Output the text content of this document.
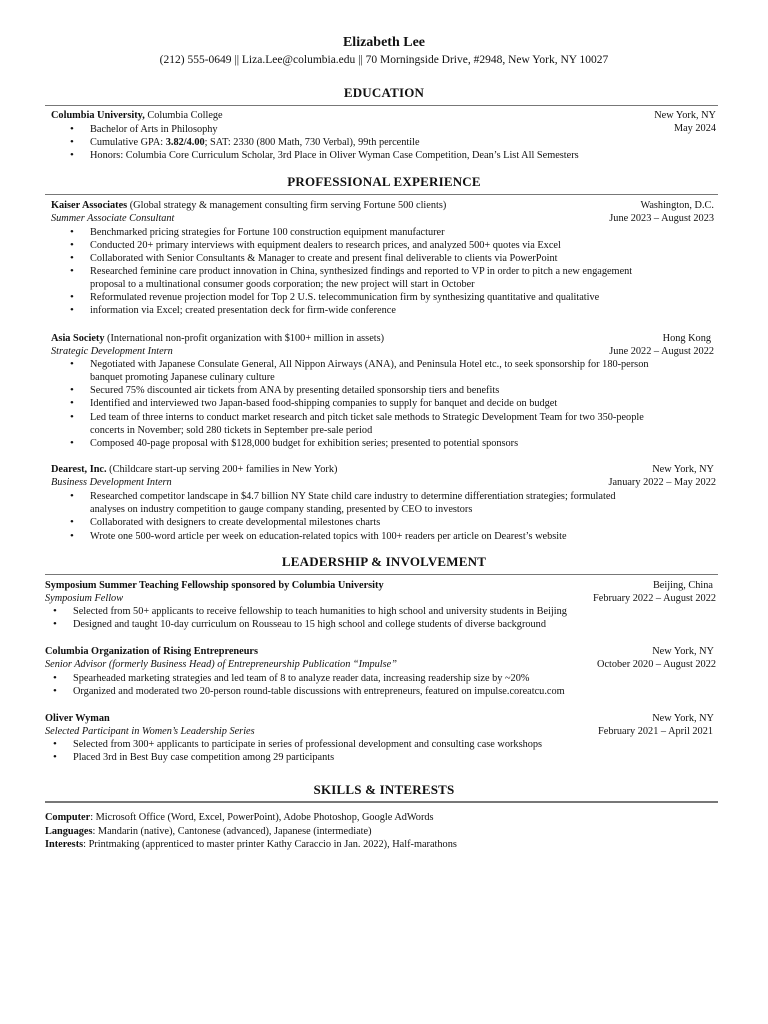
Elizabeth Lee
(212) 555-0649 || Liza.Lee@columbia.edu || 70 Morningside Drive, #2948, New York, NY 10027
EDUCATION
Columbia University, Columbia College	New York, NY
May 2024
• Bachelor of Arts in Philosophy
• Cumulative GPA: 3.82/4.00; SAT: 2330 (800 Math, 730 Verbal), 99th percentile
• Honors: Columbia Core Curriculum Scholar, 3rd Place in Oliver Wyman Case Competition, Dean’s List All Semesters
PROFESSIONAL EXPERIENCE
Kaiser Associates (Global strategy & management consulting firm serving Fortune 500 clients)	Washington, D.C.
Summer Associate Consultant	June 2023 – August 2023
• Benchmarked pricing strategies for Fortune 100 construction equipment manufacturer
• Conducted 20+ primary interviews with equipment dealers to research prices, and analyzed 500+ quotes via Excel
• Collaborated with Senior Consultants & Manager to create and present final deliverable to clients via PowerPoint
• Researched feminine care product innovation in China, synthesized findings and reported to VP in order to pitch a new engagement
proposal to a multinational consumer goods corporation; the new project will start in October
• Reformulated revenue projection model for Top 2 U.S. telecommunication firm by synthesizing quantitative and qualitative
• information via Excel; created presentation deck for firm-wide conference
Asia Society (International non-profit organization with $100+ million in assets)	Hong Kong
Strategic Development Intern	June 2022 – August 2022
• Negotiated with Japanese Consulate General, All Nippon Airways (ANA), and Peninsula Hotel etc., to seek sponsorship for 180-person
banquet promoting Japanese culinary culture
• Secured 75% discounted air tickets from ANA by presenting detailed sponsorship tiers and benefits
• Identified and interviewed two Japan-based food-shipping companies to supply for banquet and decide on budget
• Led team of three interns to conduct market research and pitch ticket sale methods to Strategic Development Team for two 350-people
concerts in November; sold 280 tickets in September pre-sale period
• Composed 40-page proposal with $128,000 budget for exhibition series; presented to potential sponsors
Dearest, Inc. (Childcare start-up serving 200+ families in New York)	New York, NY
Business Development Intern	January 2022 – May 2022
• Researched competitor landscape in $4.7 billion NY State child care industry to determine differentiation strategies; formulated
analyses on industry competition to gauge company standing, presented by CEO to investors
• Collaborated with designers to create developmental milestones charts
• Wrote one 500-word article per week on education-related topics with 100+ readers per article on Dearest’s website
LEADERSHIP & INVOLVEMENT
Symposium Summer Teaching Fellowship sponsored by Columbia University	Beijing, China
Symposium Fellow	February 2022 – August 2022
• Selected from 50+ applicants to receive fellowship to teach humanities to high school and university students in Beijing
• Designed and taught 10-day curriculum on Rousseau to 15 high school and college students of diverse background
Columbia Organization of Rising Entrepreneurs	New York, NY
Senior Advisor (formerly Business Head) of Entrepreneurship Publication “Impulse”	October 2020 – August 2022
• Spearheaded marketing strategies and led team of 8 to analyze reader data, increasing readership size by ~20%
• Organized and moderated two 20-person round-table discussions with entrepreneurs, featured on impulse.coreatcu.com
Oliver Wyman	New York, NY
Selected Participant in Women’s Leadership Series	February 2021 – April 2021
• Selected from 300+ applicants to participate in series of professional development and consulting case workshops
• Placed 3rd in Best Buy case competition among 29 participants
SKILLS & INTERESTS
Computer: Microsoft Office (Word, Excel, PowerPoint), Adobe Photoshop, Google AdWords
Languages: Mandarin (native), Cantonese (advanced), Japanese (intermediate)
Interests: Printmaking (apprenticed to master printer Kathy Caraccio in Jan. 2022), Half-marathons
